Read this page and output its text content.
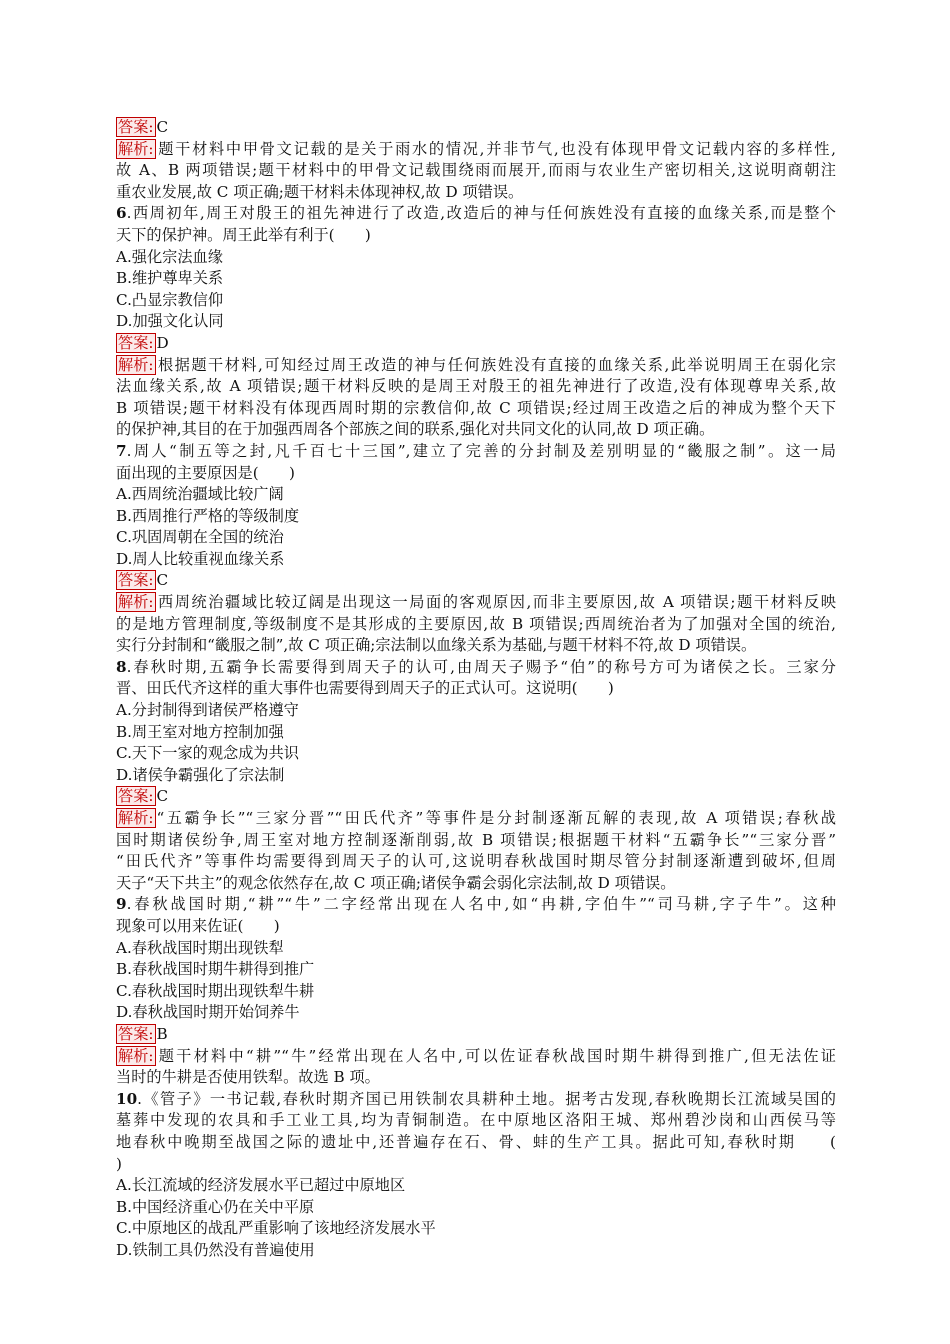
答案: C
解析: 题干材料中甲骨文记载的是关于雨水的情况,并非节气,也没有体现甲骨文记载内容的多样性,
故 A、B 两项错误;题干材料中的甲骨文记载围绕雨而展开,而雨与农业生产密切相关,这说明商朝注
重农业发展,故 C 项正确;题干材料未体现神权,故 D 项错误。
6.西周初年,周王对殷王的祖先神进行了改造,改造后的神与任何族姓没有直接的血缘关系,而是整个
天下的保护神。周王此举有利于(　　)
A.强化宗法血缘
B.维护尊卑关系
C.凸显宗教信仰
D.加强文化认同
答案: D
解析: 根据题干材料,可知经过周王改造的神与任何族姓没有直接的血缘关系,此举说明周王在弱化宗
法血缘关系,故 A 项错误;题干材料反映的是周王对殷王的祖先神进行了改造,没有体现尊卑关系,故
B 项错误;题干材料没有体现西周时期的宗教信仰,故 C 项错误;经过周王改造之后的神成为整个天下
的保护神,其目的在于加强西周各个部族之间的联系,强化对共同文化的认同,故 D 项正确。
7.周人“制五等之封,凡千百七十三国”,建立了完善的分封制及差别明显的“畿服之制”。这一局
面出现的主要原因是(　　)
A.西周统治疆域比较广阔
B.西周推行严格的等级制度
C.巩固周朝在全国的统治
D.周人比较重视血缘关系
答案: C
解析: 西周统治疆域比较辽阔是出现这一局面的客观原因,而非主要原因,故 A 项错误;题干材料反映
的是地方管理制度,等级制度不是其形成的主要原因,故 B 项错误;西周统治者为了加强对全国的统治,
实行分封制和“畿服之制”,故 C 项正确;宗法制以血缘关系为基础,与题干材料不符,故 D 项错误。
8.春秋时期,五霸争长需要得到周天子的认可,由周天子赐予“伯”的称号方可为诸侯之长。三家分
晋、田氏代齐这样的重大事件也需要得到周天子的正式认可。这说明(　　)
A.分封制得到诸侯严格遵守
B.周王室对地方控制加强
C.天下一家的观念成为共识
D.诸侯争霸强化了宗法制
答案: C
解析: “五霸争长”“三家分晋”“田氏代齐”等事件是分封制逐渐瓦解的表现,故 A 项错误;春秋战
国时期诸侯纷争,周王室对地方控制逐渐削弱,故 B 项错误;根据题干材料“五霸争长”“三家分晋”
“田氏代齐”等事件均需要得到周天子的认可,这说明春秋战国时期尽管分封制逐渐遭到破坏,但周
天子“天下共主”的观念依然存在,故 C 项正确;诸侯争霸会弱化宗法制,故 D 项错误。
9.春秋战国时期,“耕”“牛”二字经常出现在人名中,如“冉耕,字伯牛”“司马耕,字子牛”。这种
现象可以用来佐证(　　)
A.春秋战国时期出现铁犁
B.春秋战国时期牛耕得到推广
C.春秋战国时期出现铁犁牛耕
D.春秋战国时期开始饲养牛
答案: B
解析: 题干材料中“耕”“牛”经常出现在人名中,可以佐证春秋战国时期牛耕得到推广,但无法佐证
当时的牛耕是否使用铁犁。故选 B 项。
10.《管子》一书记载,春秋时期齐国已用铁制农具耕种土地。据考古发现,春秋晚期长江流域吴国的
墓葬中发现的农具和手工业工具,均为青铜制造。在中原地区洛阳王城、郑州碧沙岗和山西侯马等
地春秋中晚期至战国之际的遗址中,还普遍存在石、骨、蚌的生产工具。据此可知,春秋时期　　(
)
A.长江流域的经济发展水平已超过中原地区
B.中国经济重心仍在关中平原
C.中原地区的战乱严重影响了该地经济发展水平
D.铁制工具仍然没有普遍使用
